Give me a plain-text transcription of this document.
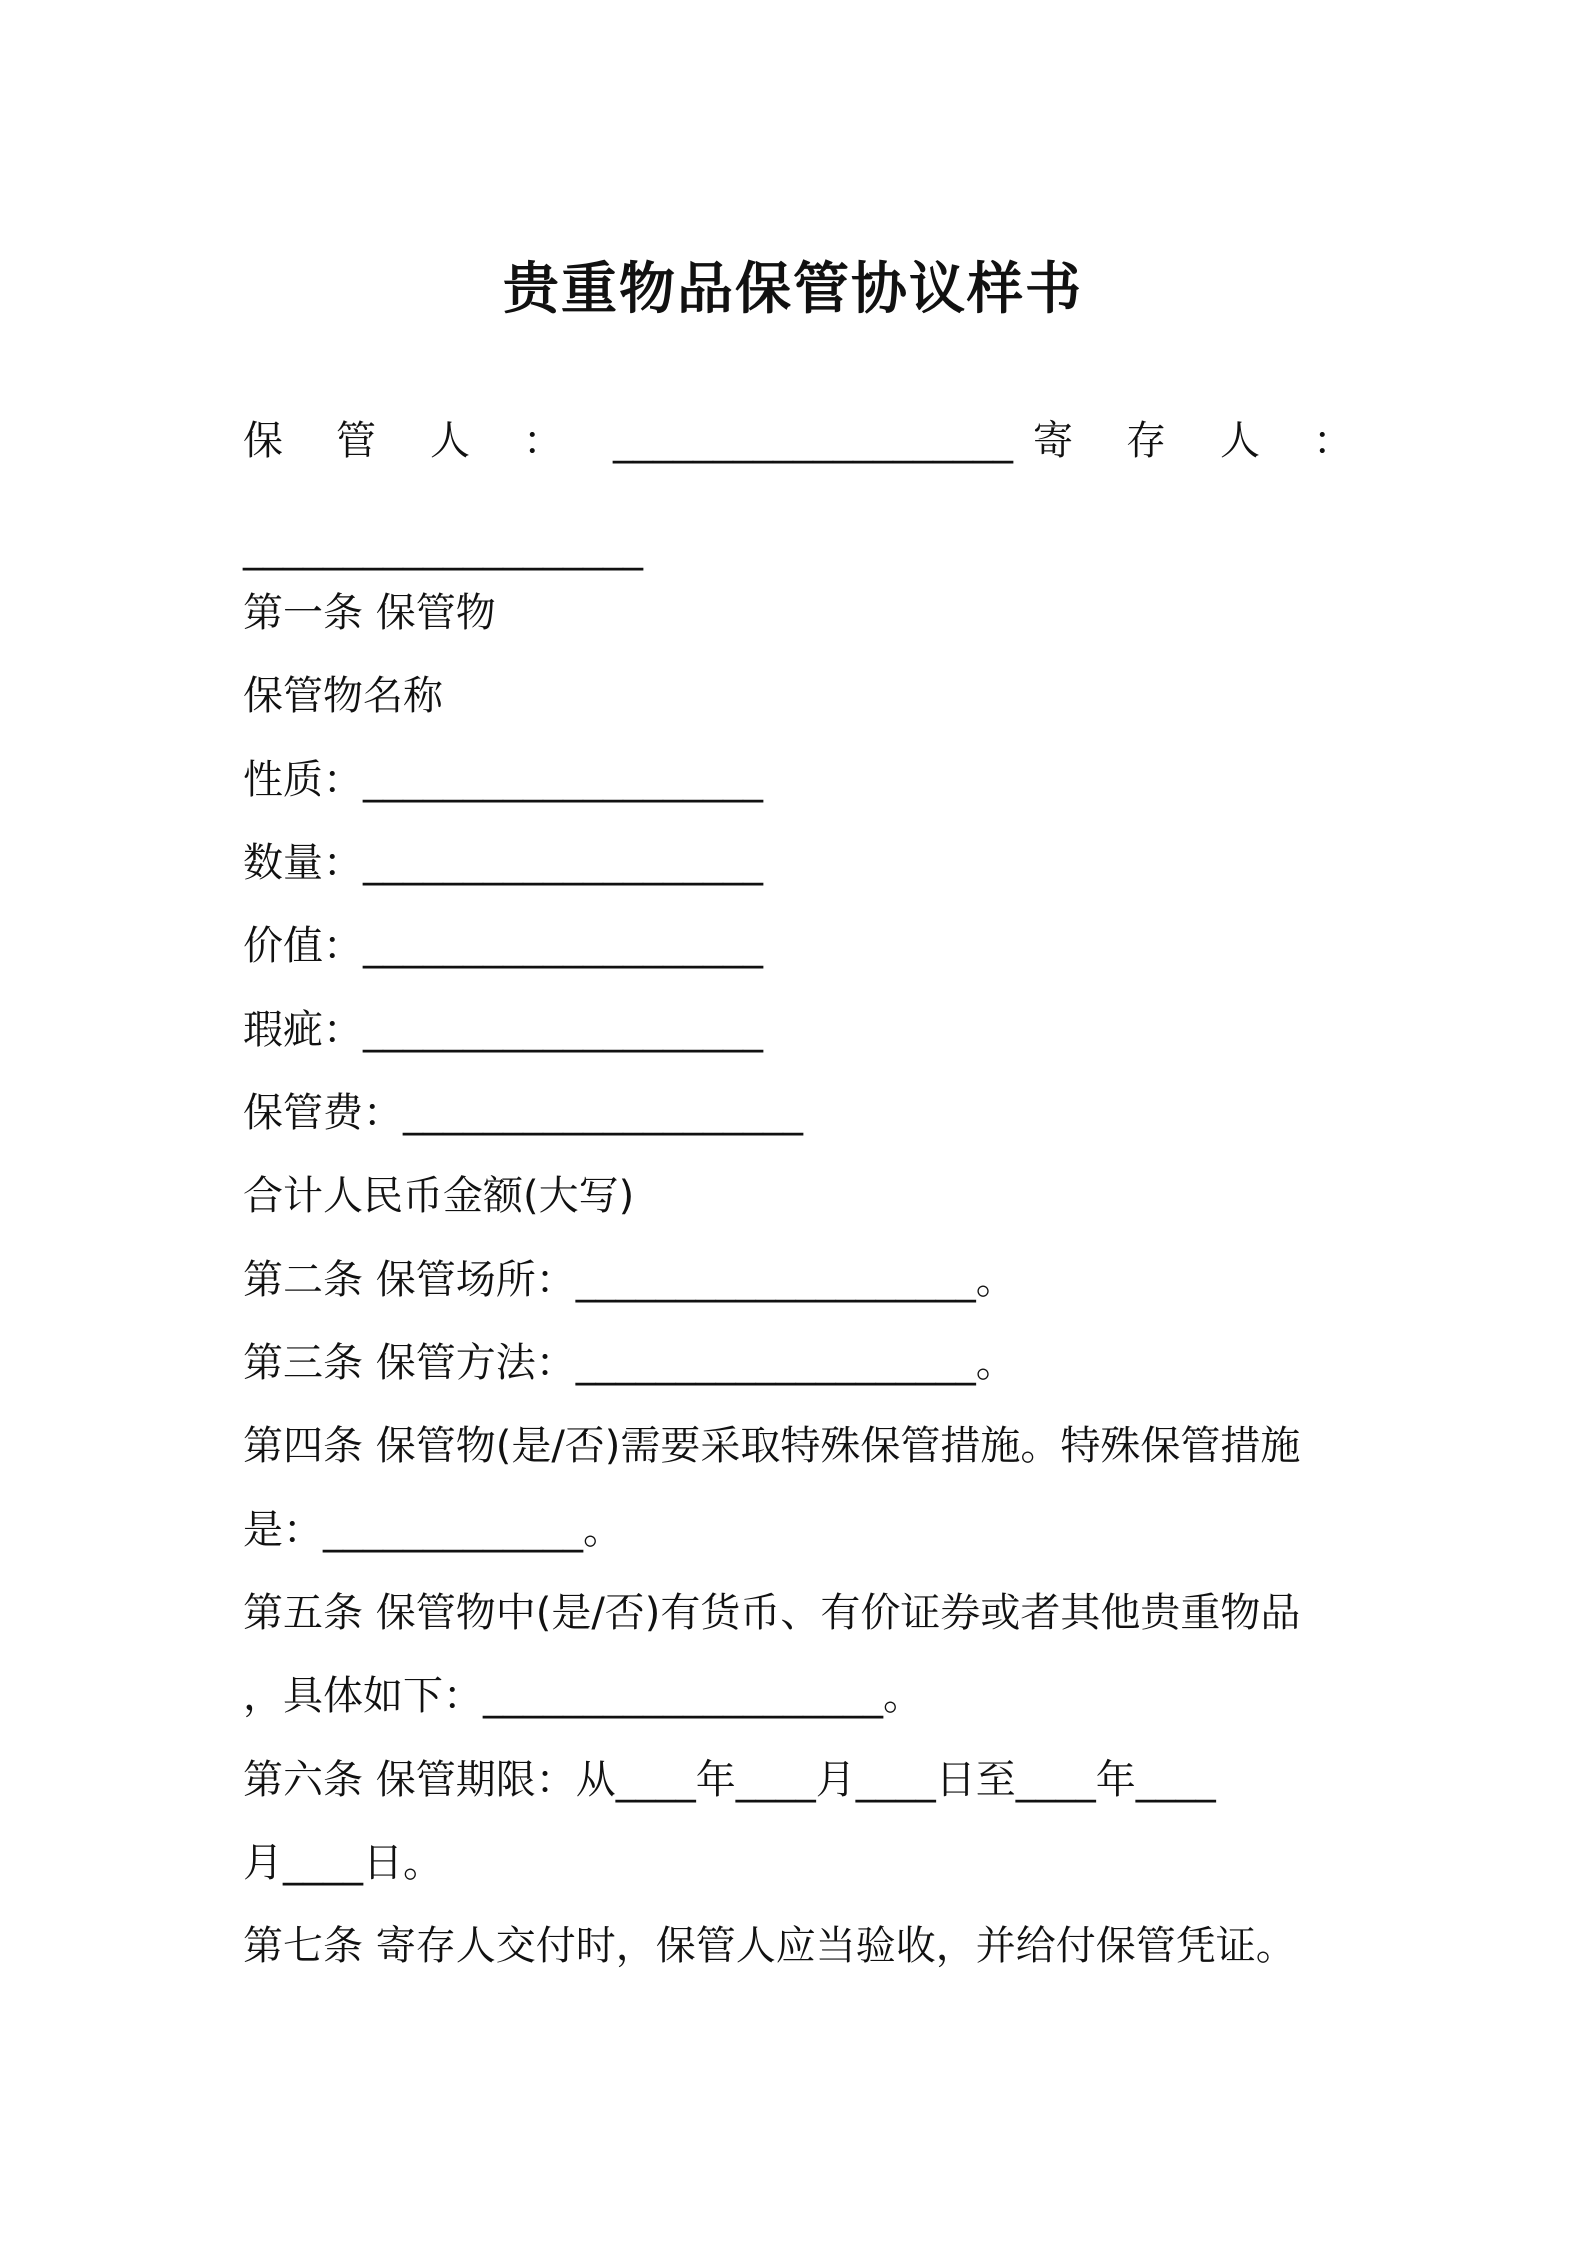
贵重物品保管协议样书
保 管 人 ： ____________________ 寄 存 人 ：
____________________
第一条 保管物
保管物名称
性质：____________________
数量：____________________
价值：____________________
瑕疵：____________________
保管费：____________________
合计人民币金额(大写)
第二条 保管场所：____________________。
第三条 保管方法：____________________。
第四条 保管物(是/否)需要采取特殊保管措施。特殊保管措施
是：_____________。
第五条 保管物中(是/否)有货币、有价证券或者其他贵重物品
，具体如下：____________________。
第六条 保管期限：从____年____月____日至____年____
月____日。
第七条 寄存人交付时，保管人应当验收，并给付保管凭证。
